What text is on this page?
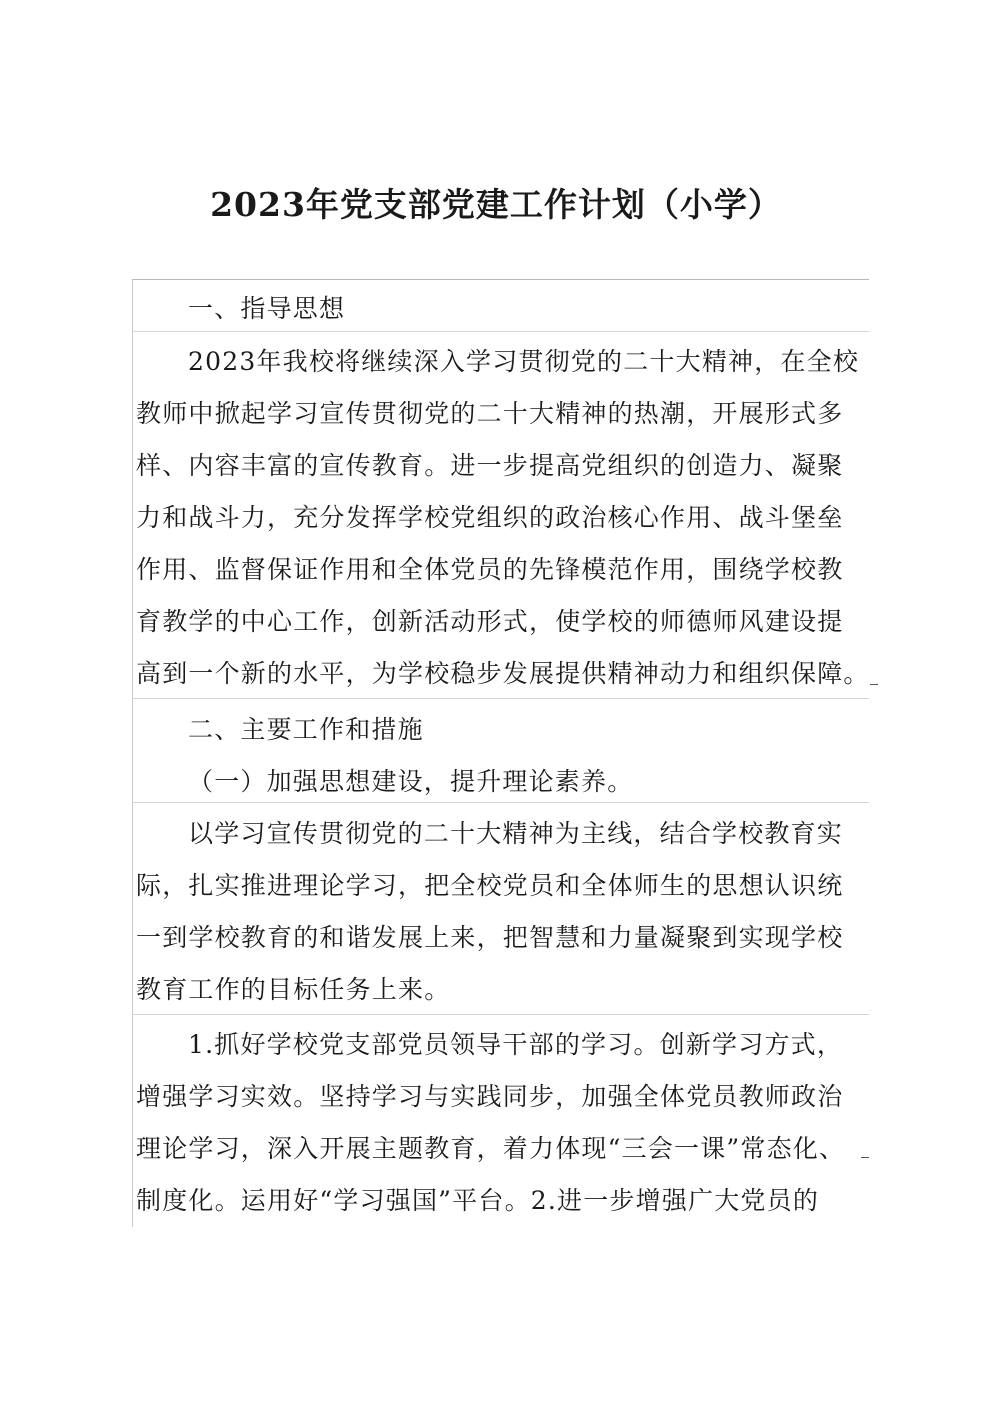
2023年党支部党建工作计划（小学）
一、指导思想
2023年我校将继续深入学习贯彻党的二十大精神，在全校
教师中掀起学习宣传贯彻党的二十大精神的热潮，开展形式多
样、内容丰富的宣传教育。进一步提高党组织的创造力、凝聚
力和战斗力，充分发挥学校党组织的政治核心作用、战斗堡垒
作用、监督保证作用和全体党员的先锋模范作用，围绕学校教
育教学的中心工作，创新活动形式，使学校的师德师风建设提
高到一个新的水平，为学校稳步发展提供精神动力和组织保障。
二、主要工作和措施
（一）加强思想建设，提升理论素养。
以学习宣传贯彻党的二十大精神为主线，结合学校教育实
际，扎实推进理论学习，把全校党员和全体师生的思想认识统
一到学校教育的和谐发展上来，把智慧和力量凝聚到实现学校
教育工作的目标任务上来。
1.抓好学校党支部党员领导干部的学习。创新学习方式，
增强学习实效。坚持学习与实践同步，加强全体党员教师政治
理论学习，深入开展主题教育，着力体现“三会一课”常态化、
制度化。运用好“学习强国”平台。2.进一步增强广大党员的
